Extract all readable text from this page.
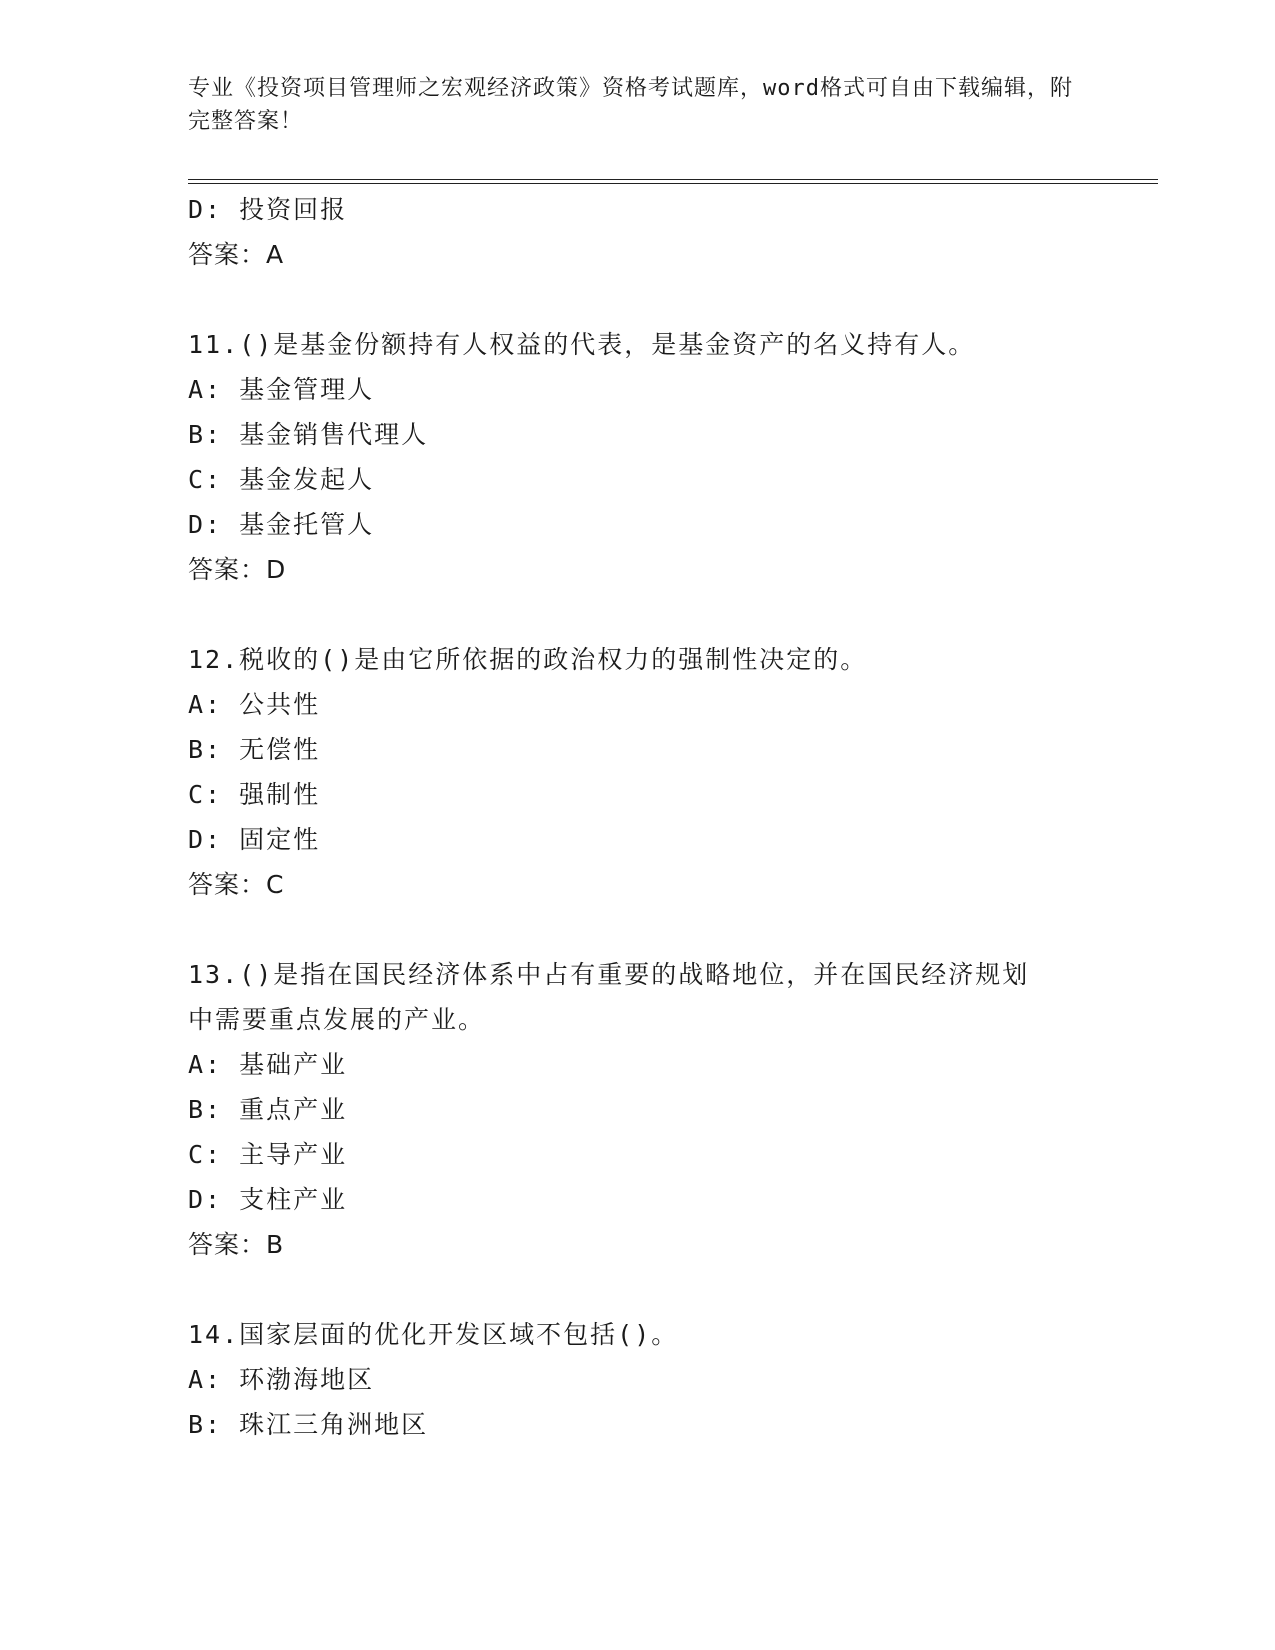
专业《投资项目管理师之宏观经济政策》资格考试题库，word格式可自由下载编辑，附完整答案！

D: 投资回报

答案：A

11.()是基金份额持有人权益的代表，是基金资产的名义持有人。

A: 基金管理人

B: 基金销售代理人

C: 基金发起人

D: 基金托管人

答案：D

12.税收的()是由它所依据的政治权力的强制性决定的。

A: 公共性

B: 无偿性

C: 强制性

D: 固定性

答案：C

13.()是指在国民经济体系中占有重要的战略地位，并在国民经济规划

中需要重点发展的产业。

A: 基础产业

B: 重点产业

C: 主导产业

D: 支柱产业

答案：B

14.国家层面的优化开发区域不包括()。

A: 环渤海地区

B: 珠江三角洲地区
